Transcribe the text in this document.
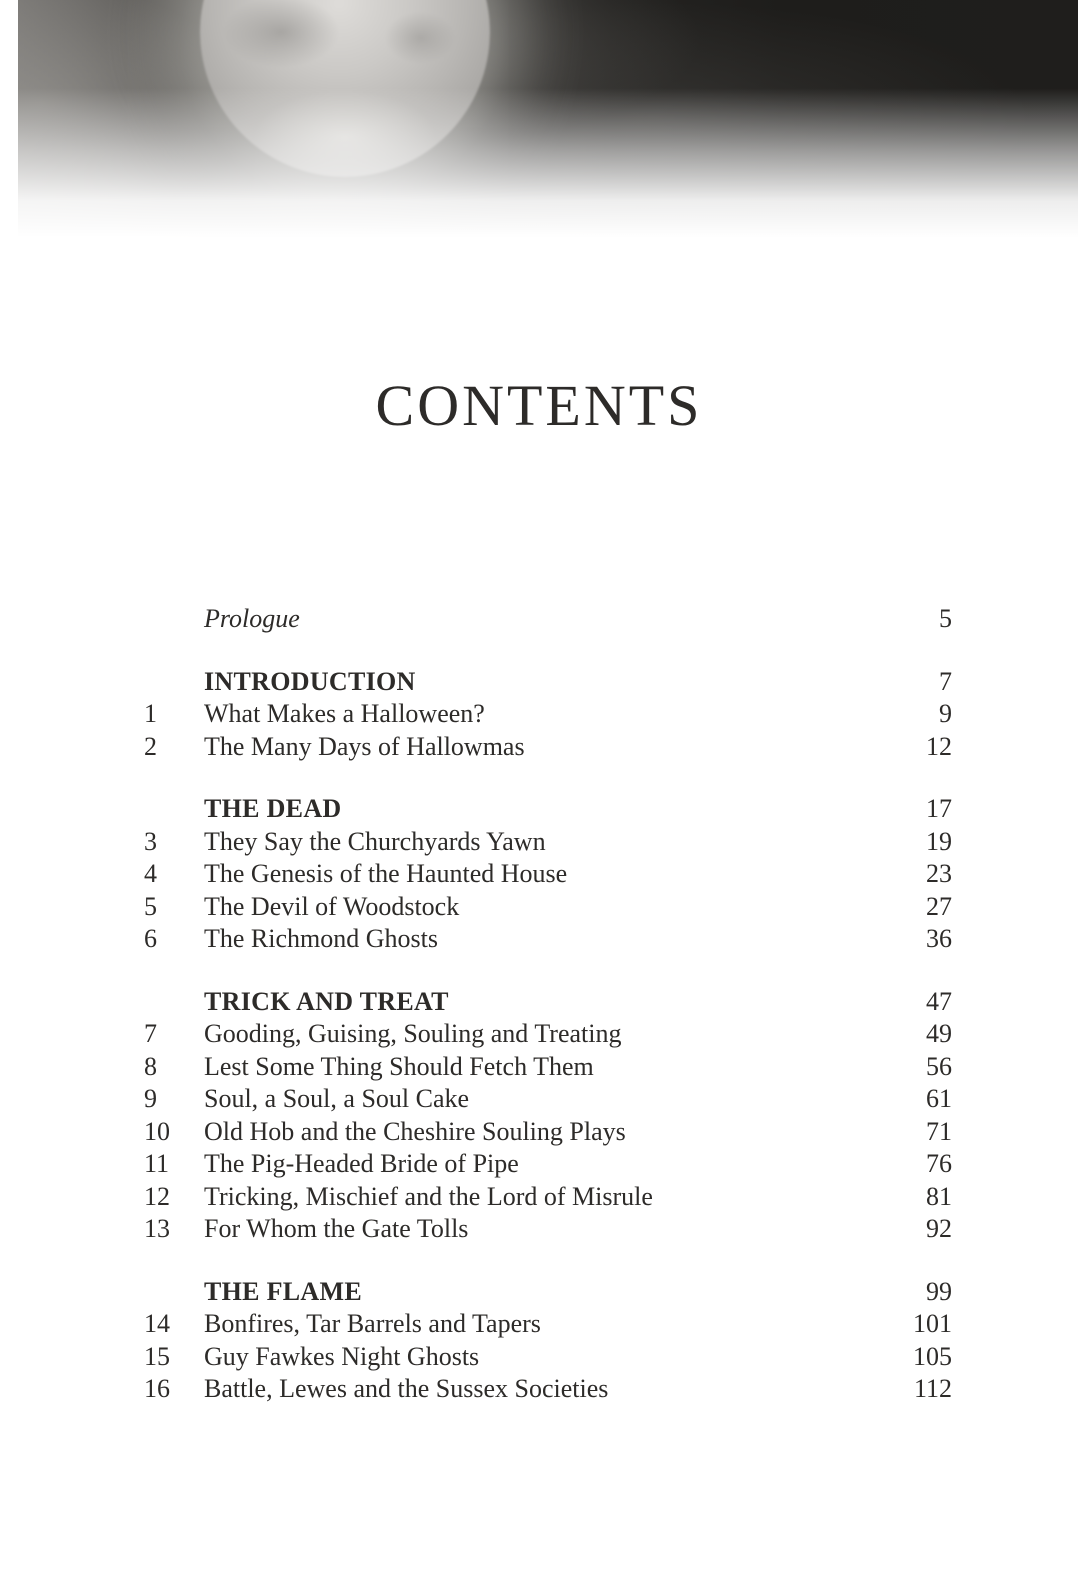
CONTENTS
Prologue	5
INTRODUCTION	7
1	What Makes a Halloween?	9
2	The Many Days of Hallowmas	12
THE DEAD	17
3	They Say the Churchyards Yawn	19
4	The Genesis of the Haunted House	23
5	The Devil of Woodstock	27
6	The Richmond Ghosts	36
TRICK AND TREAT	47
7	Gooding, Guising, Souling and Treating	49
8	Lest Some Thing Should Fetch Them	56
9	Soul, a Soul, a Soul Cake	61
10	Old Hob and the Cheshire Souling Plays	71
11	The Pig-Headed Bride of Pipe	76
12	Tricking, Mischief and the Lord of Misrule	81
13	For Whom the Gate Tolls	92
THE FLAME	99
14	Bonfires, Tar Barrels and Tapers	101
15	Guy Fawkes Night Ghosts	105
16	Battle, Lewes and the Sussex Societies	112
